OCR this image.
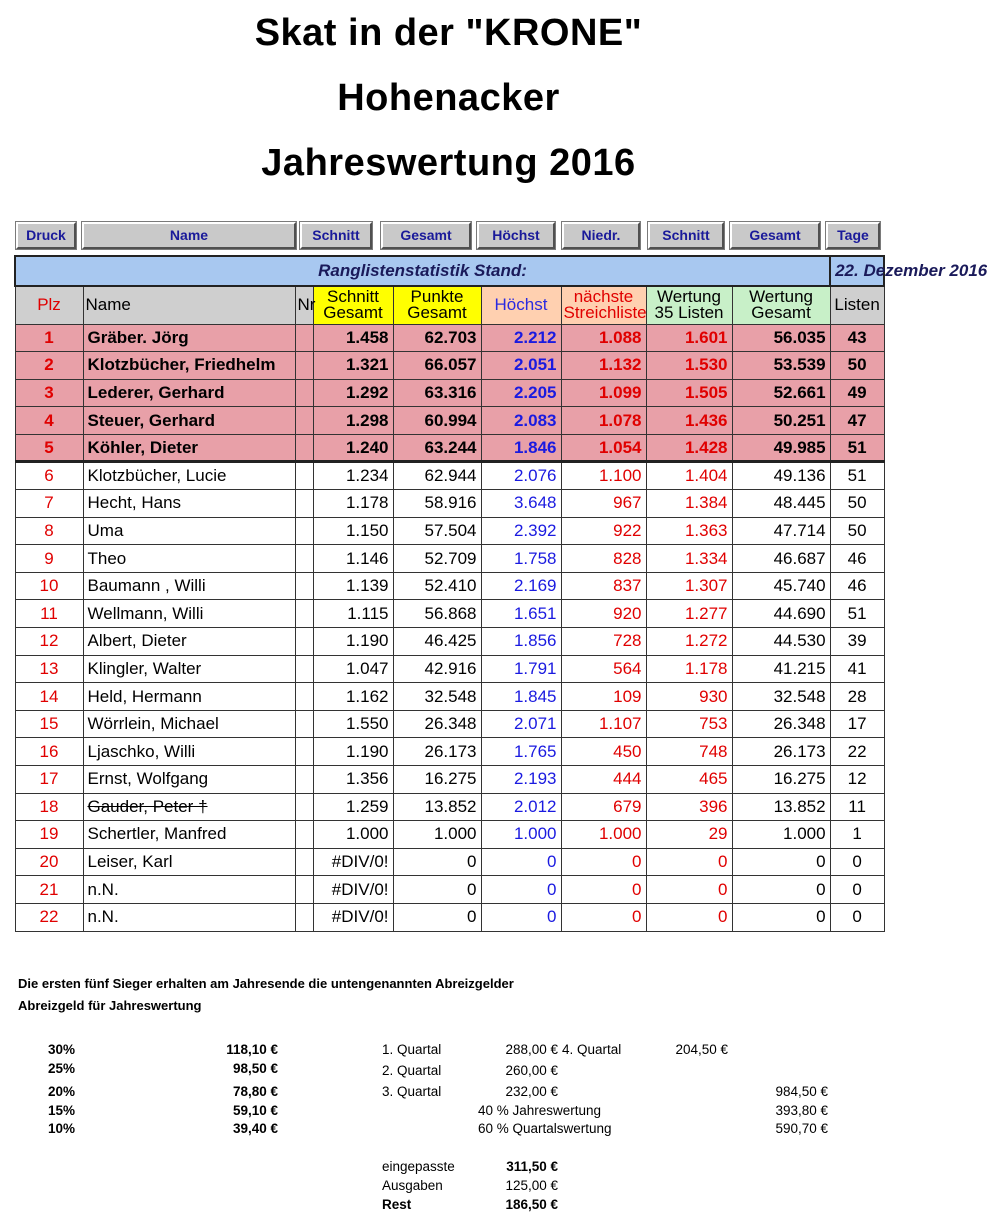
Skat in der "KRONE"
Hohenacker
Jahreswertung 2016
Druck	Name	Schnitt	Gesamt	Höchst	Niedr.	Schnitt	Gesamt	Tage
Ranglistenstatistik Stand:									22. Dezember 2016
Plz	Name	Nr	Schnitt Gesamt	Punkte Gesamt	Höchst	nächste Streichliste	Wertung 35 Listen	Wertung Gesamt	Listen
1	Gräber. Jörg		1.458	62.703	2.212	1.088	1.601	56.035	43
2	Klotzbücher, Friedhelm		1.321	66.057	2.051	1.132	1.530	53.539	50
3	Lederer, Gerhard		1.292	63.316	2.205	1.099	1.505	52.661	49
4	Steuer, Gerhard		1.298	60.994	2.083	1.078	1.436	50.251	47
5	Köhler, Dieter		1.240	63.244	1.846	1.054	1.428	49.985	51
6	Klotzbücher, Lucie		1.234	62.944	2.076	1.100	1.404	49.136	51
7	Hecht, Hans		1.178	58.916	3.648	967	1.384	48.445	50
8	Uma		1.150	57.504	2.392	922	1.363	47.714	50
9	Theo		1.146	52.709	1.758	828	1.334	46.687	46
10	Baumann , Willi		1.139	52.410	2.169	837	1.307	45.740	46
11	Wellmann, Willi		1.115	56.868	1.651	920	1.277	44.690	51
12	Albert, Dieter		1.190	46.425	1.856	728	1.272	44.530	39
13	Klingler, Walter		1.047	42.916	1.791	564	1.178	41.215	41
14	Held, Hermann		1.162	32.548	1.845	109	930	32.548	28
15	Wörrlein, Michael		1.550	26.348	2.071	1.107	753	26.348	17
16	Ljaschko, Willi		1.190	26.173	1.765	450	748	26.173	22
17	Ernst, Wolfgang		1.356	16.275	2.193	444	465	16.275	12
18	Gauder, Peter †		1.259	13.852	2.012	679	396	13.852	11
19	Schertler, Manfred		1.000	1.000	1.000	1.000	29	1.000	1
20	Leiser, Karl		#DIV/0!	0	0	0	0	0	0
21	n.N.		#DIV/0!	0	0	0	0	0	0
22	n.N.		#DIV/0!	0	0	0	0	0	0
Die ersten fünf Sieger erhalten am Jahresende die untengenannten Abreizgelder
Abreizgeld für Jahreswertung
30%	118,10 €
25%	98,50 €
20%	78,80 €
15%	59,10 €
10%	39,40 €
1. Quartal	288,00 € 4. Quartal	204,50 €
2. Quartal	260,00 €
3. Quartal	232,00 €	984,50 €
40 % Jahreswertung	393,80 €
60 % Quartalswertung	590,70 €
eingepasste	311,50 €
Ausgaben	125,00 €
Rest	186,50 €
